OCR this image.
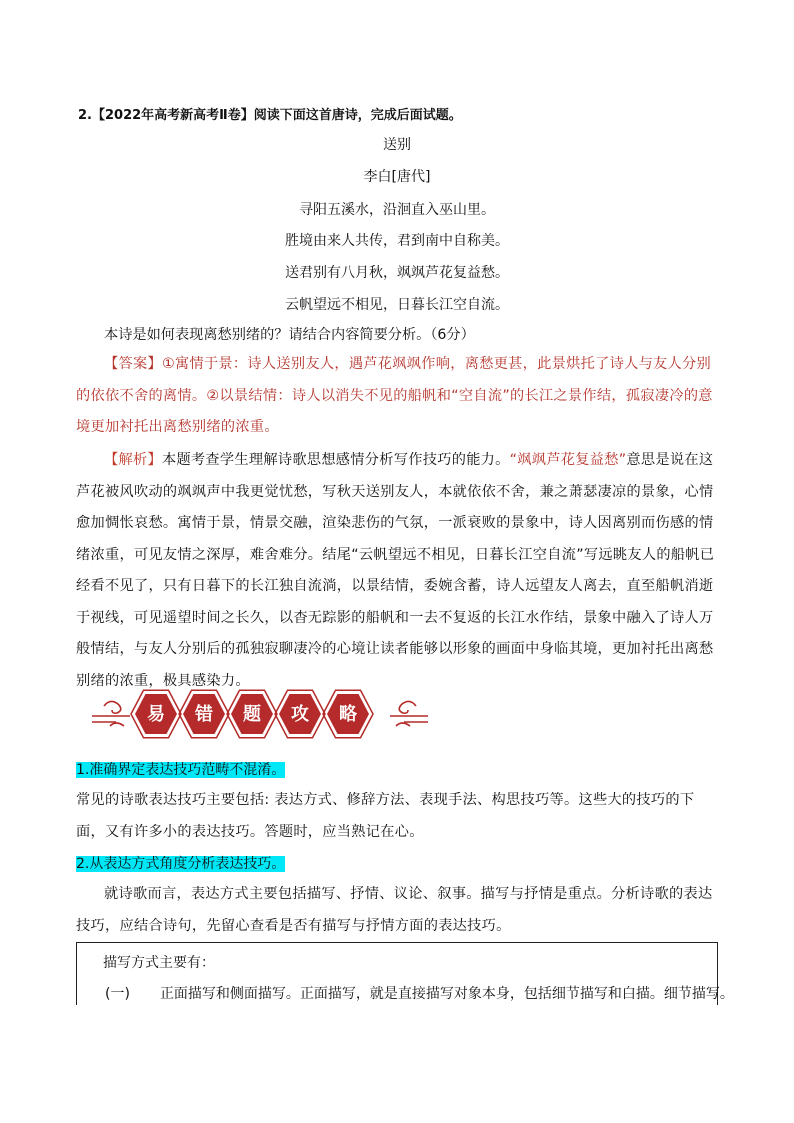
2.【2022年高考新高考Ⅱ卷】阅读下面这首唐诗，完成后面试题。
送别
李白[唐代]
寻阳五溪水，沿洄直入巫山里。
胜境由来人共传，君到南中自称美。
送君别有八月秋，飒飒芦花复益愁。
云帆望远不相见，日暮长江空自流。
本诗是如何表现离愁别绪的？请结合内容简要分析。（6分）
【答案】①寓情于景：诗人送别友人，遇芦花飒飒作响，离愁更甚，此景烘托了诗人与友人分别的依依不舍的离情。②以景结情：诗人以消失不见的船帆和“空自流”的长江之景作结，孤寂凄冷的意境更加衬托出离愁别绪的浓重。
【解析】本题考查学生理解诗歌思想感情分析写作技巧的能力。“飒飒芦花复益愁”意思是说在这芦花被风吹动的飒飒声中我更觉忧愁，写秋天送别友人，本就依依不舍，兼之萧瑟凄凉的景象，心情愈加惆怅哀愁。寓情于景，情景交融，渲染悲伤的气氛，一派衰败的景象中，诗人因离别而伤感的情绪浓重，可见友情之深厚，难舍难分。结尾“云帆望远不相见，日暮长江空自流”写远眺友人的船帆已经看不见了，只有日暮下的长江独自流淌，以景结情，委婉含蓄，诗人远望友人离去，直至船帆消逝于视线，可见遥望时间之长久，以杳无踪影的船帆和一去不复返的长江水作结，景象中融入了诗人万般情结，与友人分别后的孤独寂聊凄冷的心境让读者能够以形象的画面中身临其境，更加衬托出离愁别绪的浓重，极具感染力。
易 错 题 攻 略
1.准确界定表达技巧范畴不混淆。
常见的诗歌表达技巧主要包括: 表达方式、修辞方法、表现手法、构思技巧等。这些大的技巧的下面，又有许多小的表达技巧。答题时，应当熟记在心。
2.从表达方式角度分析表达技巧。
就诗歌而言，表达方式主要包括描写、抒情、议论、叙事。描写与抒情是重点。分析诗歌的表达技巧，应结合诗句，先留心查看是否有描写与抒情方面的表达技巧。
描写方式主要有：
(一) 正面描写和侧面描写。正面描写，就是直接描写对象本身，包括细节描写和白描。细节描写。
